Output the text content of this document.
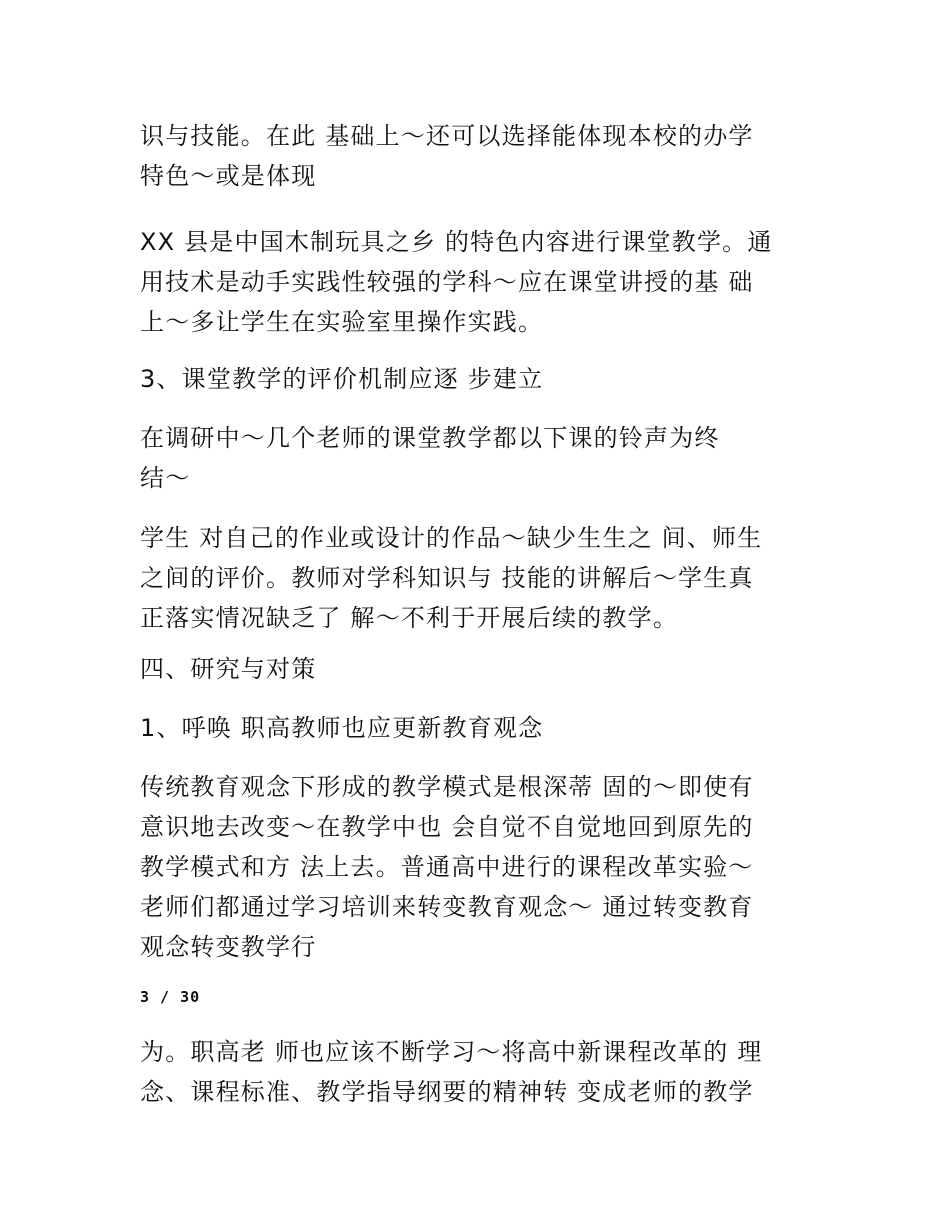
识与技能。在此 基础上～还可以选择能体现本校的办学
特色～或是体现

XX 县是中国木制玩具之乡 的特色内容进行课堂教学。通
用技术是动手实践性较强的学科～应在课堂讲授的基 础
上～多让学生在实验室里操作实践。

3、课堂教学的评价机制应逐 步建立

在调研中～几个老师的课堂教学都以下课的铃声为终
结～

学生 对自己的作业或设计的作品～缺少生生之 间、师生
之间的评价。教师对学科知识与 技能的讲解后～学生真
正落实情况缺乏了 解～不利于开展后续的教学。

四、研究与对策

1、呼唤 职高教师也应更新教育观念

传统教育观念下形成的教学模式是根深蒂 固的～即使有
意识地去改变～在教学中也 会自觉不自觉地回到原先的
教学模式和方 法上去。普通高中进行的课程改革实验～
老师们都通过学习培训来转变教育观念～ 通过转变教育
观念转变教学行

3 / 30

为。职高老 师也应该不断学习～将高中新课程改革的 理
念、课程标准、教学指导纲要的精神转 变成老师的教学
